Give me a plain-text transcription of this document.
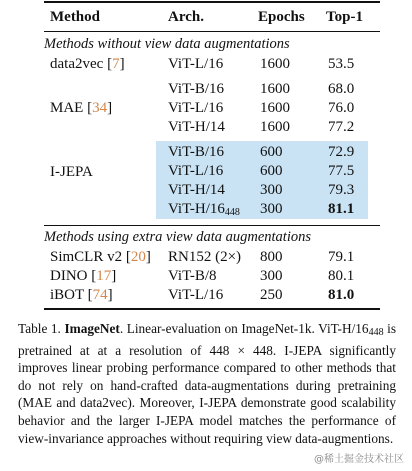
Method	Arch.	Epochs Top-1
Methods without view data augmentations
data2vec [7]	ViT-L/16 1600	53.5
MAE [34]
ViT-B/16 1600	68.0
ViT-L/16 1600	76.0
ViT-H/14 1600	77.2
I-JEPA
ViT-B/16 600	72.9
ViT-L/16 600	77.5
ViT-H/14 300	79.3
ViT-$H/16_{448}$ 300	81.1
Methods using extra view data augmentations
SimCLR v2 [20] RN152 (2×) 800	79.1
DINO [17]	ViT-B/8	300	80.1
iBOT [74]	ViT-L/16 250	81.0
Table 1. ImageNet. Linear-evaluation on ImageNet-1k. ViT-$H/16_{448}$ is pretrained at at a resolution of 448 × 448. I-JEPA significantly improves linear probing performance compared to other methods that do not rely on hand-crafted data-augmentations during pretraining (MAE and data2vec). Moreover, I-JEPA demonstrate good scalability behavior and the larger I-JEPA model matches the performance of view-invariance approaches without requiring view data-augmentions.
@稀土掘金技术社区
